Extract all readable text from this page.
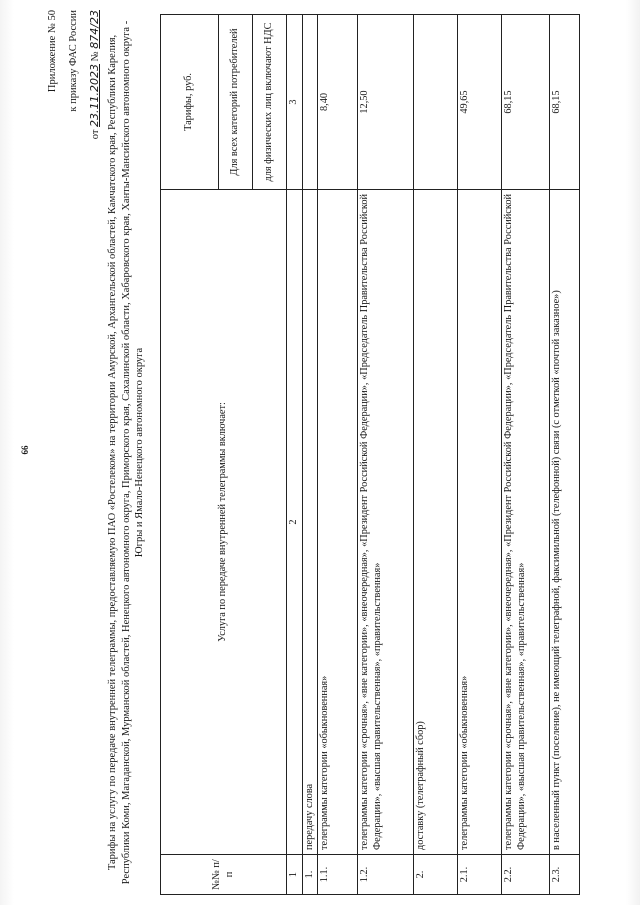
66
Приложение № 50 к приказу ФАС России
от 23.11.2023 № 874/23
Тарифы на услугу по передаче внутренней телеграммы, предоставляемую ПАО «Ростелеком» на территории Амурской, Архангельской областей, Камчатского края, Республики Карелия, Республики Коми, Магаданской, Мурманской областей, Ненецкого автономного округа, Приморского края, Сахалинской области, Хабаровского края, Ханты-Мансийского автономного округа - Югры и Ямало-Ненецкого автономного округа
№№ п/п	Услуга по передаче внутренней телеграммы включает:	Тарифы, руб.
		Для всех категорий потребителей
		для физических лиц включают НДС
1	2	3
1.	передачу слова	
1.1.	телеграммы категории «обыкновенная»	8,40
1.2.	телеграммы категории «срочная», «вне категории», «внеочередная», «Президент Российской Федерации», «Председатель Правительства Российской Федерации», «высшая правительственная», «правительственная»	12,50
2.	доставку (телеграфный сбор)	
2.1.	телеграммы категории «обыкновенная»	49,65
2.2.	телеграммы категории «срочная», «вне категории», «внеочередная», «Президент Российской Федерации», «Председатель Правительства Российской Федерации», «высшая правительственная», «правительственная»	68,15
2.3.	в населенный пункт (поселение), не имеющий телеграфной, факсимильной (телефонной) связи (с отметкой «почтой заказное»)	68,15
